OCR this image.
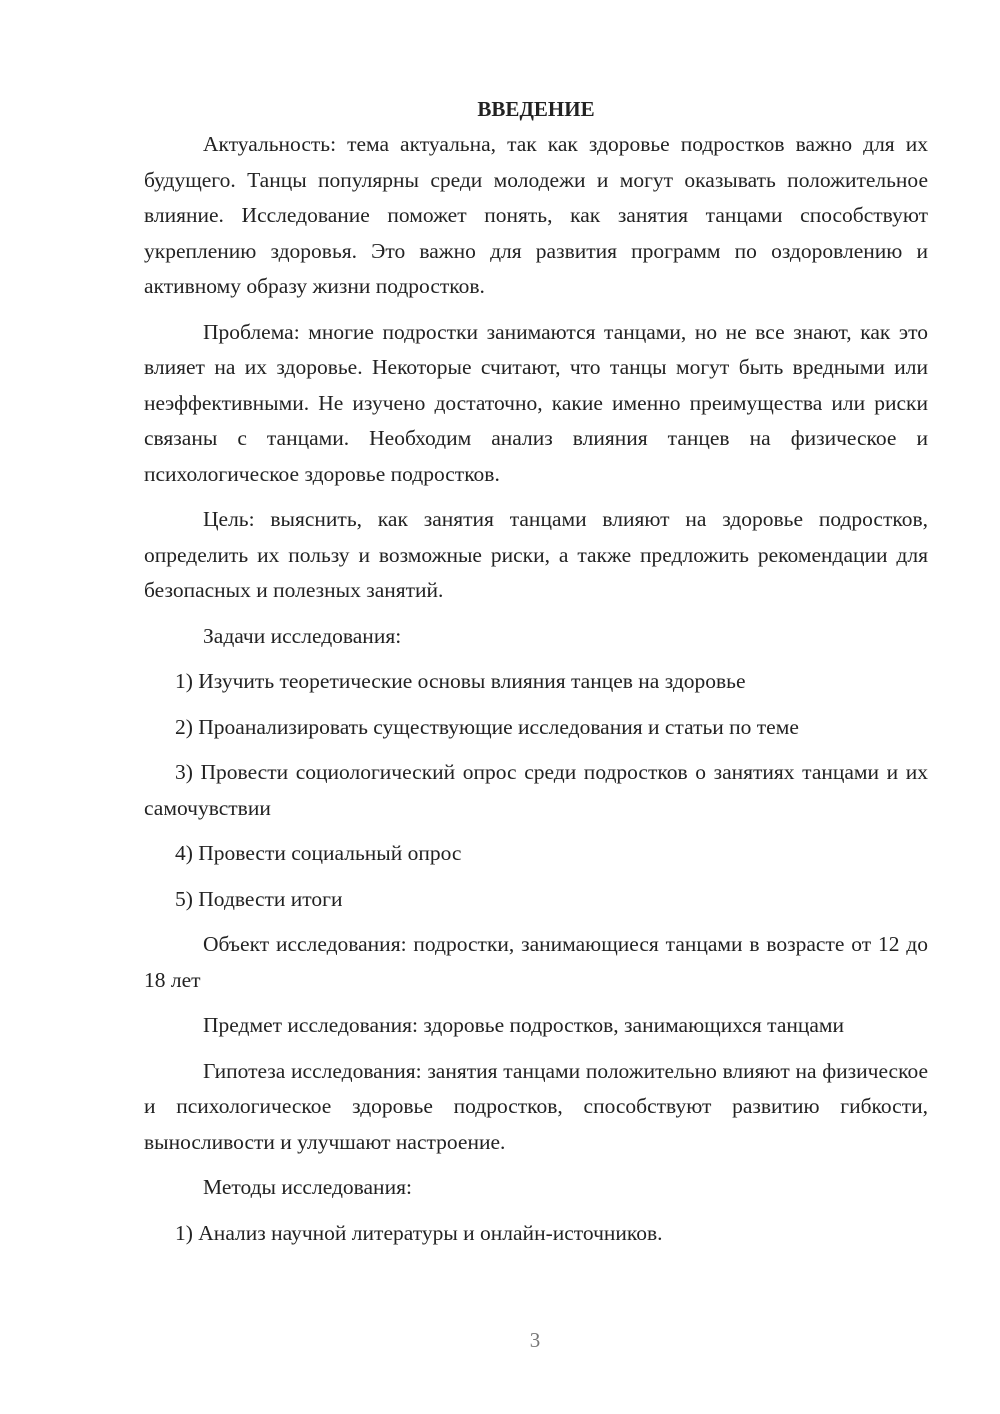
ВВЕДЕНИЕ

Актуальность: тема актуальна, так как здоровье подростков важно для их будущего. Танцы популярны среди молодежи и могут оказывать положительное влияние. Исследование поможет понять, как занятия танцами способствуют укреплению здоровья. Это важно для развития программ по оздоровлению и активному образу жизни подростков.

Проблема: многие подростки занимаются танцами, но не все знают, как это влияет на их здоровье. Некоторые считают, что танцы могут быть вредными или неэффективными. Не изучено достаточно, какие именно преимущества или риски связаны с танцами. Необходим анализ влияния танцев на физическое и психологическое здоровье подростков.

Цель: выяснить, как занятия танцами влияют на здоровье подростков, определить их пользу и возможные риски, а также предложить рекомендации для безопасных и полезных занятий.

Задачи исследования:

1) Изучить теоретические основы влияния танцев на здоровье

2) Проанализировать существующие исследования и статьи по теме

3) Провести социологический опрос среди подростков о занятиях танцами и их самочувствии

4) Провести социальный опрос

5) Подвести итоги

Объект исследования: подростки, занимающиеся танцами в возрасте от 12 до 18 лет

Предмет исследования: здоровье подростков, занимающихся танцами

Гипотеза исследования: занятия танцами положительно влияют на физическое и психологическое здоровье подростков, способствуют развитию гибкости, выносливости и улучшают настроение.

Методы исследования:

1) Анализ научной литературы и онлайн-источников.

3
